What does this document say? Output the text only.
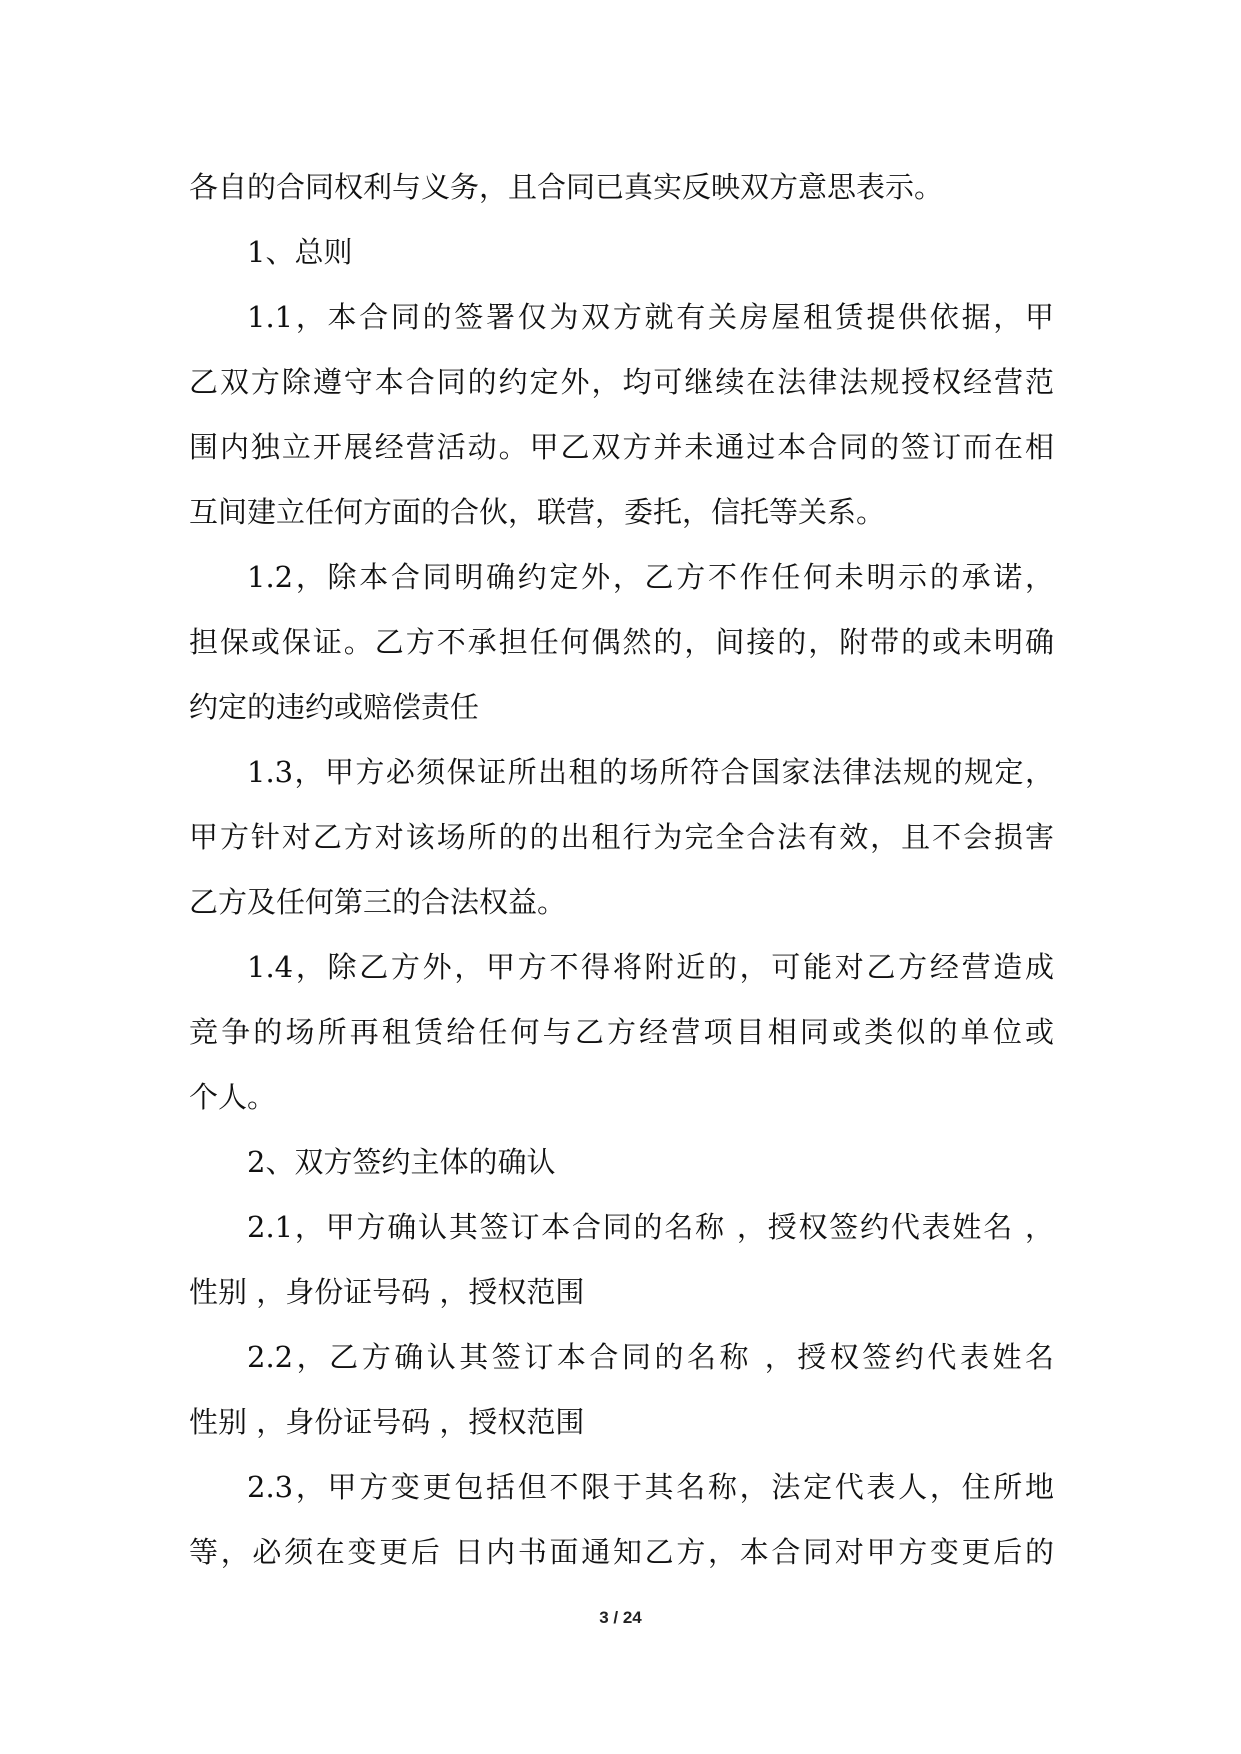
各自的合同权利与义务，且合同已真实反映双方意思表示。
1、总则
1.1，本合同的签署仅为双方就有关房屋租赁提供依据，甲
乙双方除遵守本合同的约定外，均可继续在法律法规授权经营范
围内独立开展经营活动。甲乙双方并未通过本合同的签订而在相
互间建立任何方面的合伙，联营，委托，信托等关系。
1.2，除本合同明确约定外，乙方不作任何未明示的承诺，
担保或保证。乙方不承担任何偶然的，间接的，附带的或未明确
约定的违约或赔偿责任
1.3，甲方必须保证所出租的场所符合国家法律法规的规定，
甲方针对乙方对该场所的的出租行为完全合法有效，且不会损害
乙方及任何第三的合法权益。
1.4，除乙方外，甲方不得将附近的，可能对乙方经营造成
竞争的场所再租赁给任何与乙方经营项目相同或类似的单位或
个人。
2、双方签约主体的确认
2.1，甲方确认其签订本合同的名称 ，授权签约代表姓名 ，
性别 ，身份证号码 ，授权范围
2.2，乙方确认其签订本合同的名称 ，授权签约代表姓名
性别 ，身份证号码 ，授权范围
2.3，甲方变更包括但不限于其名称，法定代表人，住所地
等，必须在变更后 日内书面通知乙方，本合同对甲方变更后的
3 / 24
